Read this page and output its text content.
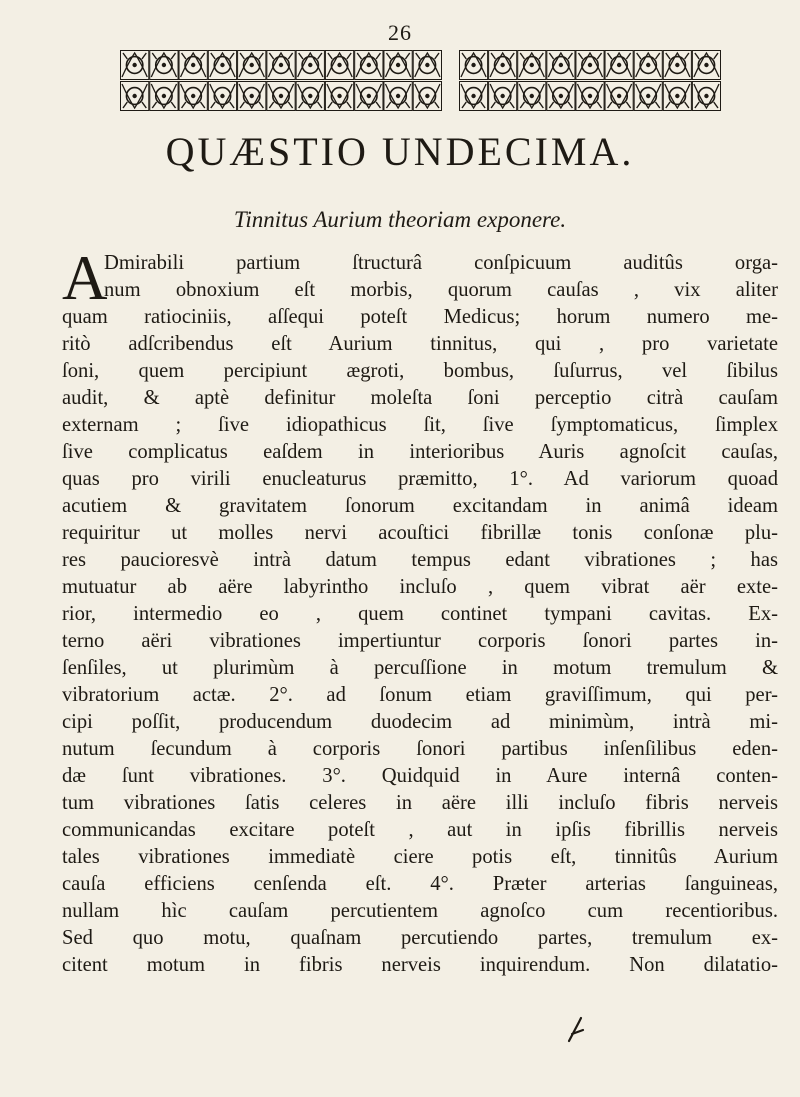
26
QUÆSTIO UNDECIMA.
Tinnitus Aurium theoriam exponere.
A
Dmirabili partium ſtructurâ conſpicuum auditûs orga-
num obnoxium eſt morbis, quorum cauſas , vix aliter
quam ratiociniis, aſſequi poteſt Medicus; horum numero me-
ritò adſcribendus eſt Aurium tinnitus, qui , pro varietate
ſoni, quem percipiunt ægroti, bombus, ſuſurrus, vel ſibilus
audit, & aptè definitur moleſta ſoni perceptio citrà cauſam
externam ; ſive idiopathicus ſit, ſive ſymptomaticus, ſimplex
ſive complicatus eaſdem in interioribus Auris agnoſcit cauſas,
quas pro virili enucleaturus præmitto, 1°. Ad variorum quoad
acutiem & gravitatem ſonorum excitandam in animâ ideam
requiritur ut molles nervi acouſtici fibrillæ tonis conſonæ plu-
res paucioresvè intrà datum tempus edant vibrationes ; has
mutuatur ab aëre labyrintho incluſo , quem vibrat aër exte-
rior, intermedio eo , quem continet tympani cavitas. Ex-
terno aëri vibrationes impertiuntur corporis ſonori partes in-
ſenſiles, ut plurimùm à percuſſione in motum tremulum &
vibratorium actæ. 2°. ad ſonum etiam graviſſimum, qui per-
cipi poſſit, producendum duodecim ad minimùm, intrà mi-
nutum ſecundum à corporis ſonori partibus inſenſilibus eden-
dæ ſunt vibrationes. 3°. Quidquid in Aure internâ conten-
tum vibrationes ſatis celeres in aëre illi incluſo fibris nerveis
communicandas excitare poteſt , aut in ipſis fibrillis nerveis
tales vibrationes immediatè ciere potis eſt, tinnitûs Aurium
cauſa efficiens cenſenda eſt. 4°. Præter arterias ſanguineas,
nullam hìc cauſam percutientem agnoſco cum recentioribus.
Sed quo motu, quaſnam percutiendo partes, tremulum ex-
citent motum in fibris nerveis inquirendum. Non dilatatio-
